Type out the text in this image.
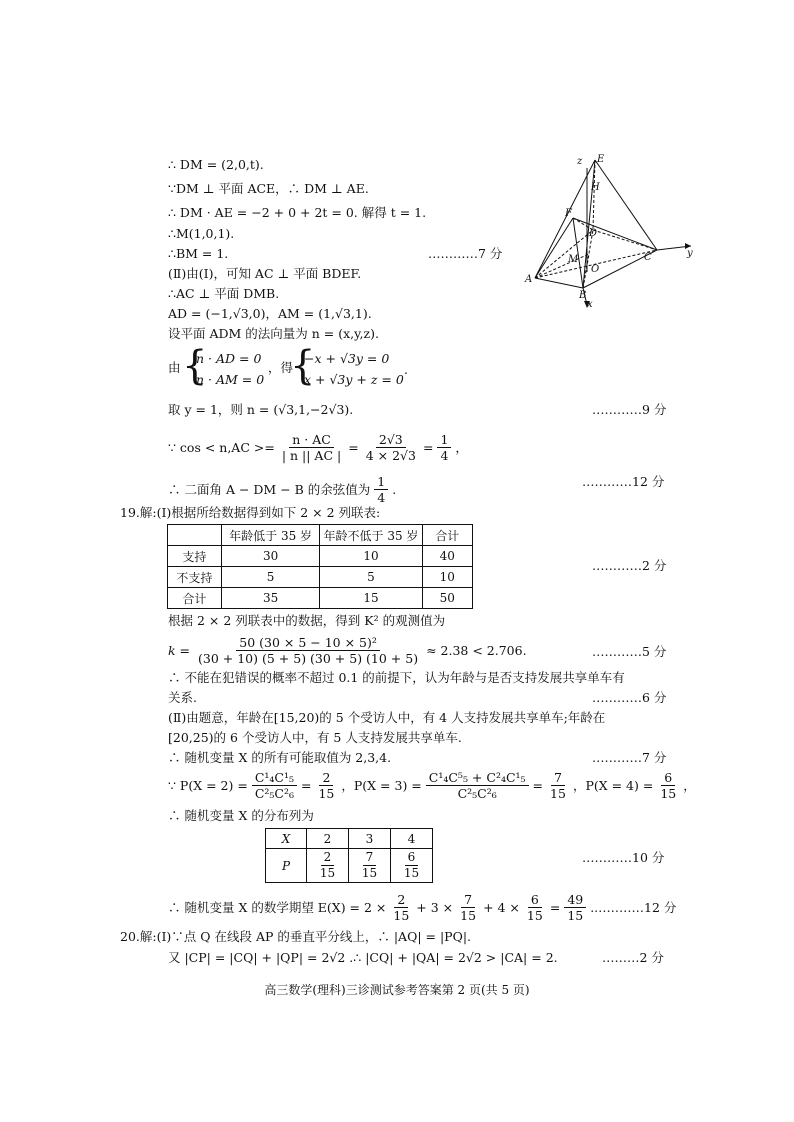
∴ DM = (2,0,t).
∵DM ⊥ 平面 ACE，∴ DM ⊥ AE.
∴ DM · AE = −2 + 0 + 2t = 0. 解得 t = 1.
∴M(1,0,1).
∴BM = 1.	…………7 分
(Ⅱ)由(Ⅰ)，可知 AC ⊥ 平面 BDEF.
∴AC ⊥ 平面 DMB.
AD = (−1,√3,0)，AM = (1,√3,1).
设平面 ADM 的法向量为 n = (x,y,z).
由 {
n · AD = 0
n · AM = 0
，得
{
−x + √3y = 0
x + √3y + z = 0
.
取 y = 1，则 n = (√3,1,−2√3).	…………9 分
∵ $\cos < n,AC >= \frac{n \cdot AC}{| n || AC |} = \frac{2√3}{4 \times 2√3} = \frac{1}{4}$ ，
∴ 二面角 A − DM − B 的余弦值为 $\frac{1}{4}$ .	…………12 分
19.解:(Ⅰ)根据所给数据得到如下 2 × 2 列联表:
	年龄低于 35 岁	年龄不低于 35 岁	合计
支持	30	10	40
不支持	5	5	10
合计	35	15	50
…………2 分
根据 2 × 2 列联表中的数据，得到 K² 的观测值为
$k = \frac{\text{50 (30 × 5 − 10 × 5)²}}{(30 + 10) (5 + 5) (30 + 5) (10 + 5)} \approx 2.38 < 2.706$.	…………5 分
∴ 不能在犯错误的概率不超过 0.1 的前提下，认为年龄与是否支持发展共享单车有
关系.	…………6 分
(Ⅱ)由题意，年龄在[15,20)的 5 个受访人中，有 4 人支持发展共享单车;年龄在
[20,25)的 6 个受访人中，有 5 人支持发展共享单车.
∴ 随机变量 X 的所有可能取值为 2,3,4.	…………7 分
∵ $P(X = 2) = \frac{\text{C¹₄C¹₅}}{\text{C²₅C²₆}} = \frac{2}{15}$ ，$P(X = 3) = \frac{\text{C¹₄C⁵₅ + C²₄C¹₅}}{\text{C²₅C²₆}} = \frac{7}{15}$ ，$P(X = 4) = \frac{6}{15}$ ，
∴ 随机变量 X 的分布列为
X	2	3	4
P	$\frac{2}{15}$	$\frac{7}{15}$	$\frac{6}{15}$	…………10 分
∴ 随机变量 X 的数学期望 $E(X) = 2 \times \frac{2}{15} + 3 \times \frac{7}{15} + 4 \times \frac{6}{15} = \frac{49}{15}$ . …………12 分
20.解:(Ⅰ)∵点 Q 在线段 AP 的垂直平分线上，∴ |AQ| = |PQ|.
又 |CP| = |CQ| + |QP| = 2√2 .∴ |CQ| + |QA| = 2√2 > |CA| = 2.	………2 分
高三数学(理科)三诊测试参考答案第 2 页(共 5 页)
z E
H
F
D
M
O
A
B
C
x
y
